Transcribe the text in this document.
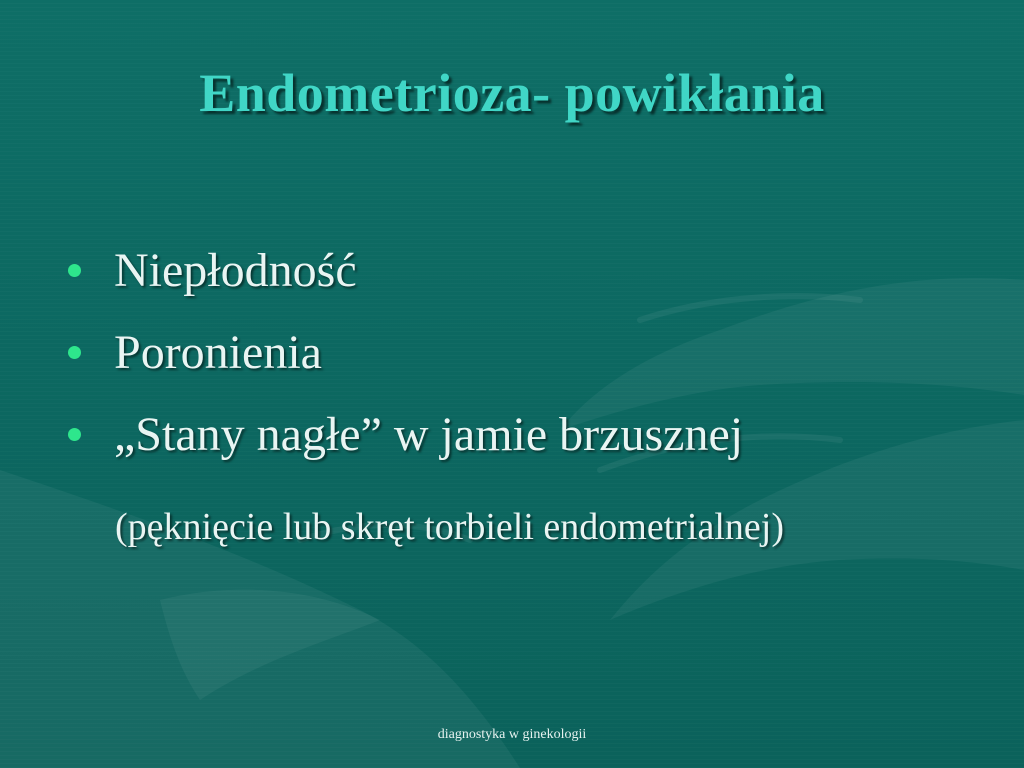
Endometrioza- powikłania
Niepłodność
Poronienia
„Stany nagłe” w jamie brzusznej
(pęknięcie lub skręt torbieli endometrialnej)
diagnostyka w ginekologii
